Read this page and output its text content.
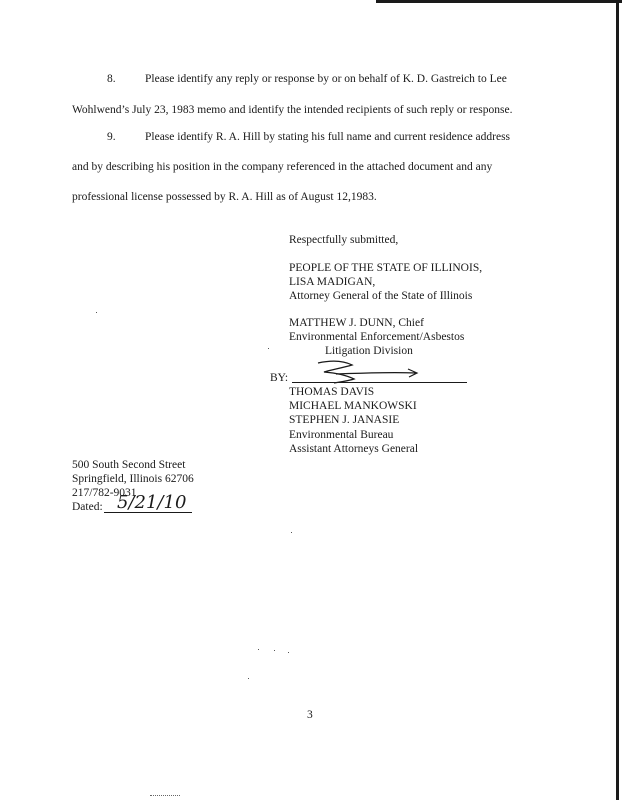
8.	Please identify any reply or response by or on behalf of K. D. Gastreich to Lee
Wohlwend’s July 23, 1983 memo and identify the intended recipients of such reply or response.
9.	Please identify R. A. Hill by stating his full name and current residence address
and by describing his position in the company referenced in the attached document and any
professional license possessed by R. A. Hill as of August 12,1983.
Respectfully submitted,
PEOPLE OF THE STATE OF ILLINOIS,
LISA MADIGAN,
Attorney General of the State of Illinois
MATTHEW J. DUNN, Chief
Environmental Enforcement/Asbestos
Litigation Division
BY:
THOMAS DAVIS
MICHAEL MANKOWSKI
STEPHEN J. JANASIE
Environmental Bureau
Assistant Attorneys General
500 South Second Street
Springfield, Illinois 62706
217/782-9031
Dated: 5/21/10
3
